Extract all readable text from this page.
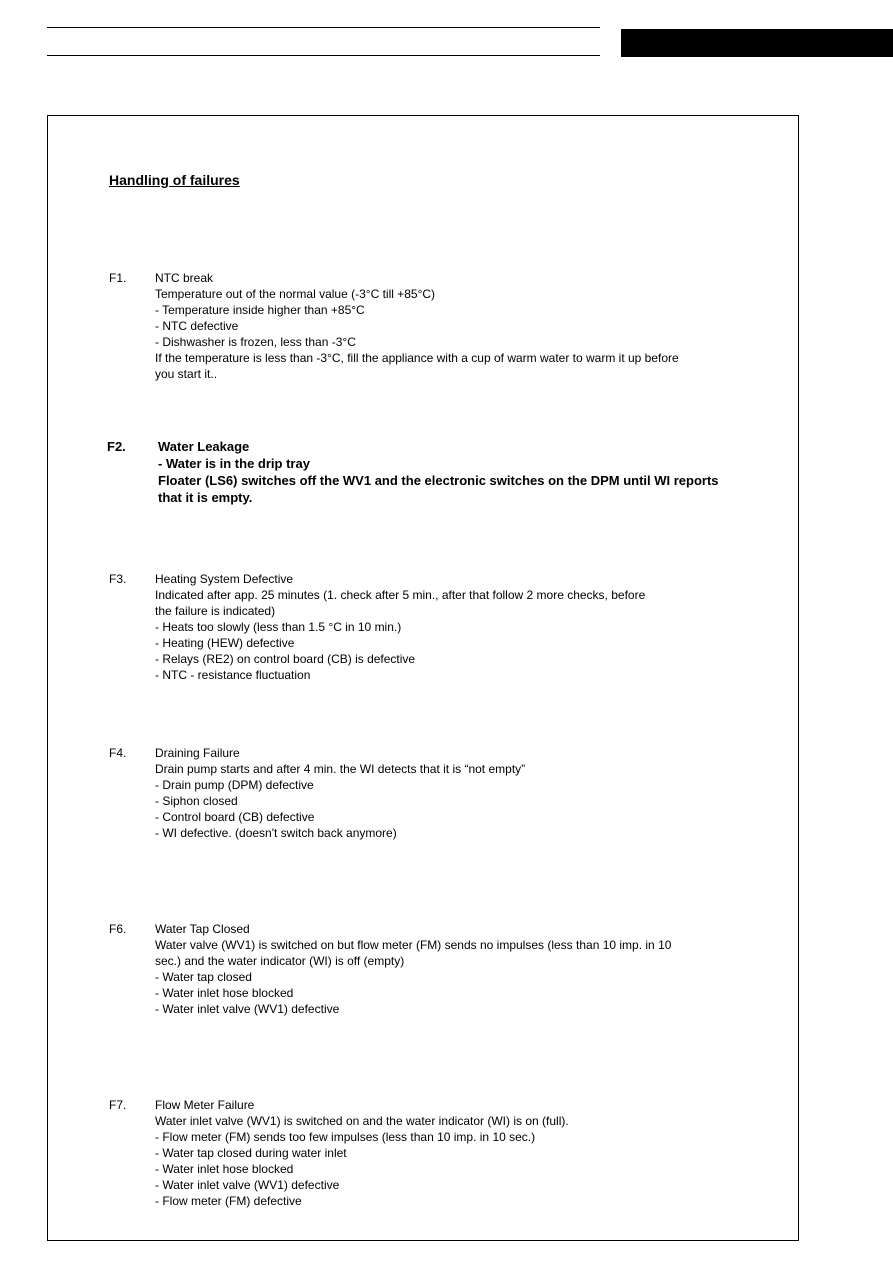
Handling of failures
F1. NTC break
Temperature out of the normal value (-3°C till +85°C)
- Temperature inside higher than +85°C
- NTC defective
- Dishwasher is frozen, less than -3°C
If the temperature is less than -3°C, fill the appliance with a cup of warm water to warm it up before
you start it..
F2. Water Leakage
- Water is in the drip tray
Floater (LS6) switches off the WV1 and the electronic switches on the DPM until WI reports
that it is empty.
F3. Heating System Defective
Indicated after app. 25 minutes (1. check after 5 min., after that follow 2 more checks, before
the failure is indicated)
- Heats too slowly (less than 1.5 °C in 10 min.)
- Heating (HEW) defective
- Relays (RE2) on control board (CB) is defective
- NTC - resistance fluctuation
F4. Draining Failure
Drain pump starts and after 4 min. the WI detects that it is “not empty”
- Drain pump (DPM) defective
- Siphon closed
- Control board (CB) defective
- WI defective. (doesn't switch back anymore)
F6. Water Tap Closed
Water valve (WV1) is switched on but flow meter (FM) sends no impulses (less than 10 imp. in 10
sec.) and the water indicator (WI) is off (empty)
- Water tap closed
- Water inlet hose blocked
- Water inlet valve (WV1) defective
F7. Flow Meter Failure
Water inlet valve (WV1) is switched on and the water indicator (WI) is on (full).
- Flow meter (FM) sends too few impulses (less than 10 imp. in 10 sec.)
- Water tap closed during water inlet
- Water inlet hose blocked
- Water inlet valve (WV1) defective
- Flow meter (FM) defective
